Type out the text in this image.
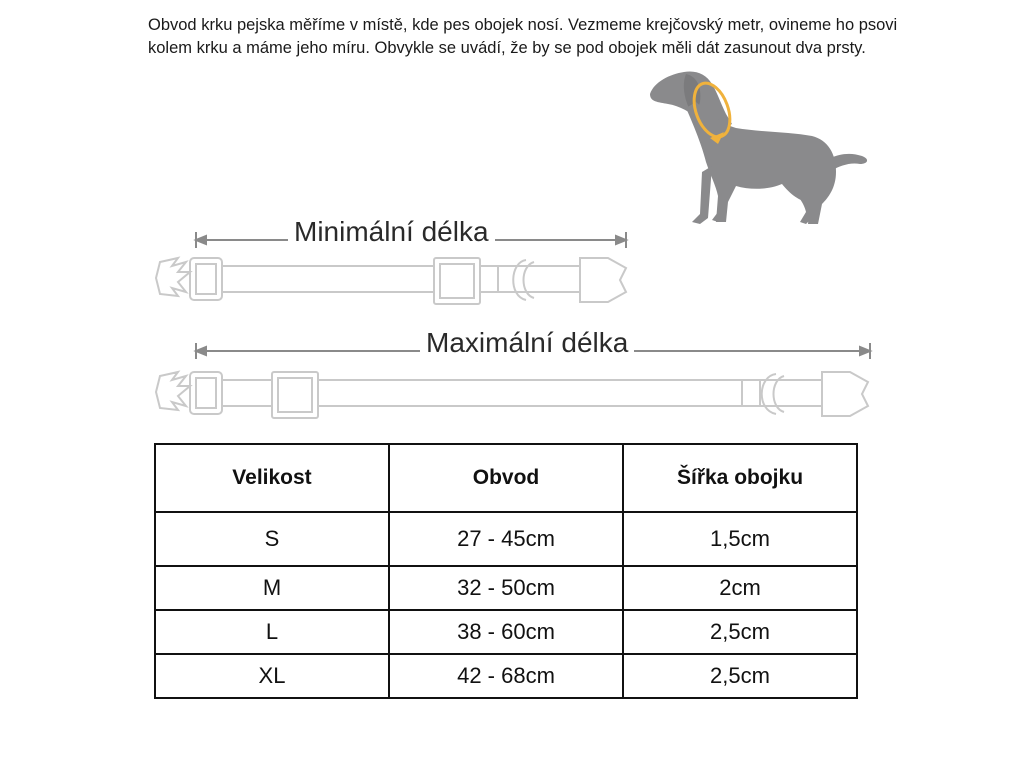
Obvod krku pejska měříme v místě, kde pes obojek nosí. Vezmeme krejčovský metr, ovineme ho psovi kolem krku a máme jeho míru. Obvykle se uvádí, že by se pod obojek měli dát zasunout dva prsty.

Minimální délka
Maximální délka
Velikost	Obvod	Šířka obojku
S	27 - 45cm	1,5cm
M	32 - 50cm	2cm
L	38 - 60cm	2,5cm
XL	42 - 68cm	2,5cm
